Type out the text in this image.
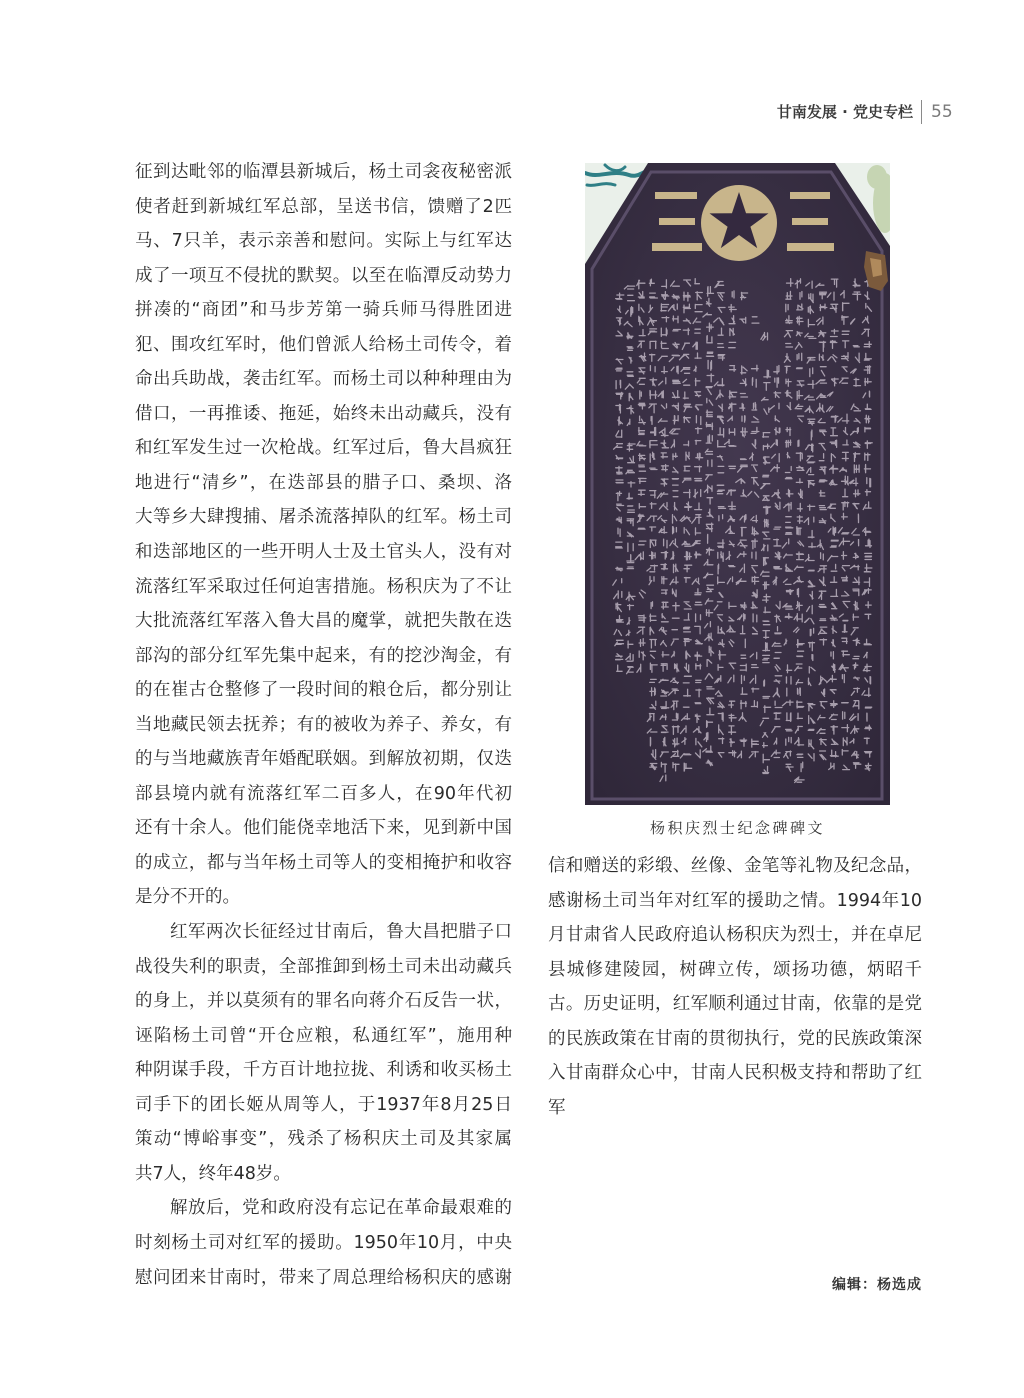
甘南发展 · 党史专栏 55
征到达毗邻的临潭县新城后，杨土司衾夜秘密派
使者赶到新城红军总部，呈送书信，馈赠了2匹
马、7只羊，表示亲善和慰问。实际上与红军达
成了一项互不侵扰的默契。以至在临潭反动势力
拼凑的“商团”和马步芳第一骑兵师马得胜团进
犯、围攻红军时，他们曾派人给杨土司传令，着
命出兵助战，袭击红军。而杨土司以种种理由为
借口，一再推诿、拖延，始终未出动藏兵，没有
和红军发生过一次枪战。红军过后，鲁大昌疯狂
地进行“清乡”，在迭部县的腊子口、桑坝、洛
大等乡大肆搜捕、屠杀流落掉队的红军。杨土司
和迭部地区的一些开明人士及土官头人，没有对
流落红军采取过任何迫害措施。杨积庆为了不让
大批流落红军落入鲁大昌的魔掌，就把失散在迭
部沟的部分红军先集中起来，有的挖沙淘金，有
的在崔古仓整修了一段时间的粮仓后，都分别让
当地藏民领去抚养；有的被收为养子、养女，有
的与当地藏族青年婚配联姻。到解放初期，仅迭
部县境内就有流落红军二百多人，在90年代初
还有十余人。他们能侥幸地活下来，见到新中国
的成立，都与当年杨土司等人的变相掩护和收容
是分不开的。
红军两次长征经过甘南后，鲁大昌把腊子口
战役失利的职责，全部推卸到杨土司未出动藏兵
的身上，并以莫须有的罪名向蒋介石反告一状，
诬陷杨土司曾“开仓应粮，私通红军”，施用种
种阴谋手段，千方百计地拉拢、利诱和收买杨土
司手下的团长姬从周等人，于1937年8月25日
策动“博峪事变”，残杀了杨积庆土司及其家属
共7人，终年48岁。
解放后，党和政府没有忘记在革命最艰难的
时刻杨土司对红军的援助。1950年10月，中央
慰问团来甘南时，带来了周总理给杨积庆的感谢
信和赠送的彩缎、丝像、金笔等礼物及纪念品，
感谢杨土司当年对红军的援助之情。1994年10
月甘肃省人民政府追认杨积庆为烈士，并在卓尼
县城修建陵园，树碑立传，颂扬功德，炳昭千
古。历史证明，红军顺利通过甘南，依靠的是党
的民族政策在甘南的贯彻执行，党的民族政策深
入甘南群众心中，甘南人民积极支持和帮助了红
军
杨积庆烈士纪念碑碑文
编辑：杨选成
